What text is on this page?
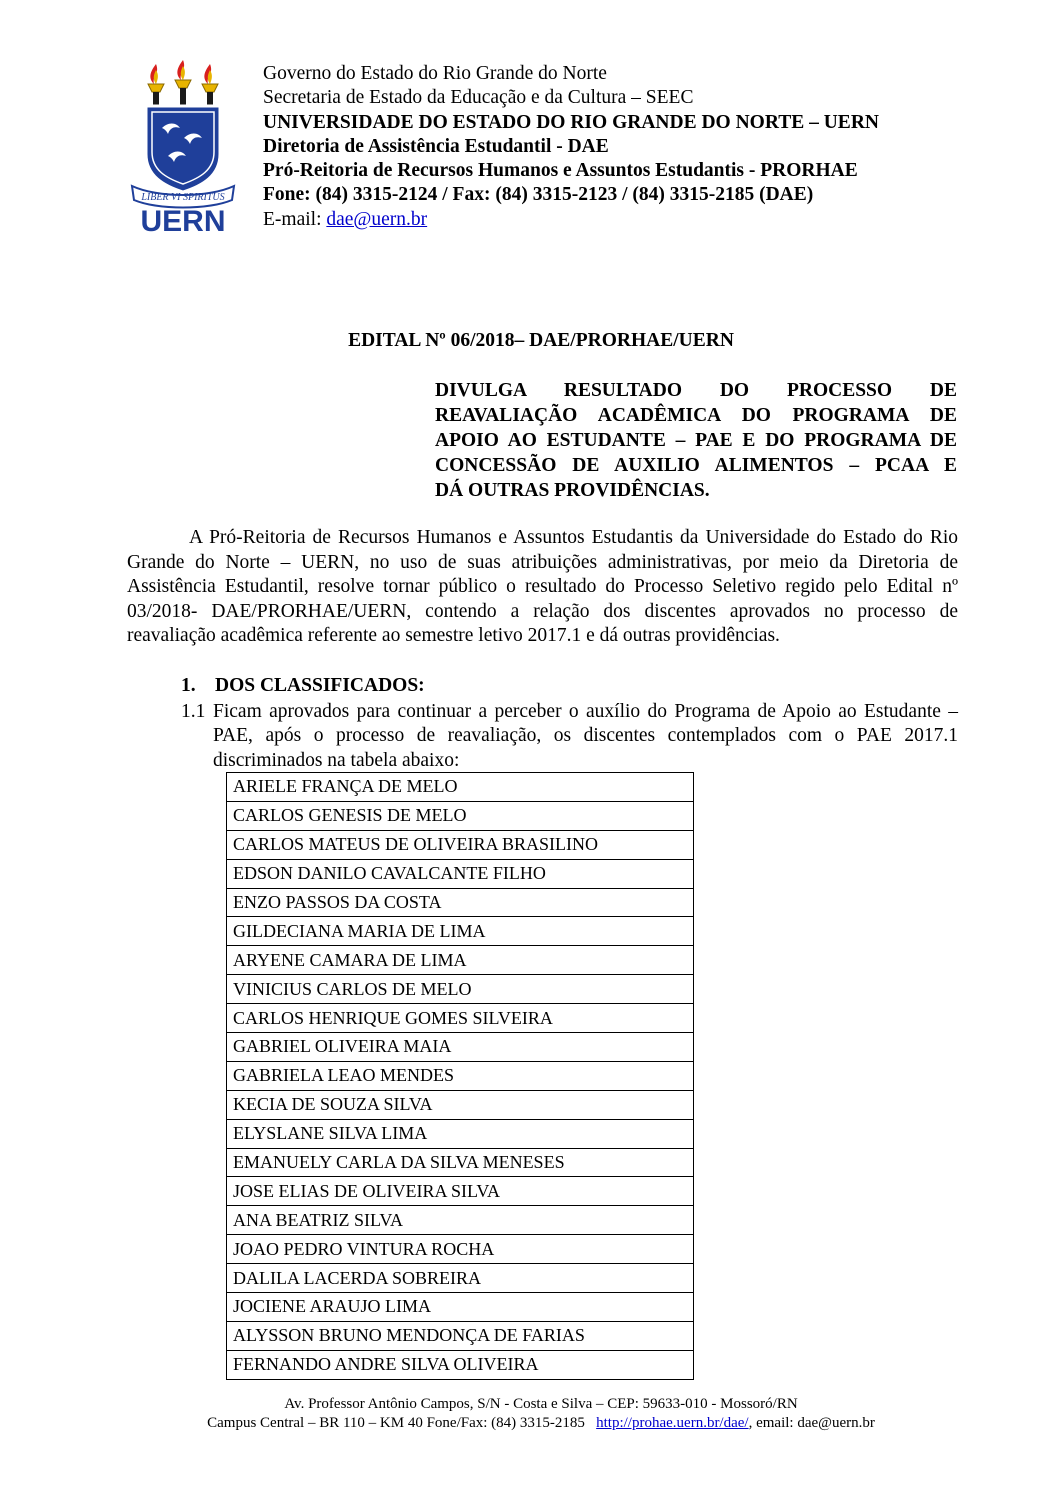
LIBER VI SPIRITUS
UERN
Governo do Estado do Rio Grande do Norte
Secretaria de Estado da Educação e da Cultura – SEEC
UNIVERSIDADE DO ESTADO DO RIO GRANDE DO NORTE – UERN
Diretoria de Assistência Estudantil - DAE
Pró-Reitoria de Recursos Humanos e Assuntos Estudantis - PRORHAE
Fone: (84) 3315-2124 / Fax: (84) 3315-2123 / (84) 3315-2185 (DAE)
E-mail: dae@uern.br
EDITAL Nº 06/2018– DAE/PRORHAE/UERN
DIVULGA RESULTADO DO PROCESSO DE
REAVALIAÇÃO ACADÊMICA DO PROGRAMA DE
APOIO AO ESTUDANTE – PAE E DO PROGRAMA DE
CONCESSÃO DE AUXILIO ALIMENTOS – PCAA E
DÁ OUTRAS PROVIDÊNCIAS.
A Pró-Reitoria de Recursos Humanos e Assuntos Estudantis da Universidade do Estado do Rio Grande do Norte – UERN, no uso de suas atribuições administrativas, por meio da Diretoria de Assistência Estudantil, resolve tornar público o resultado do Processo Seletivo regido pelo Edital nº 03/2018- DAE/PRORHAE/UERN, contendo a relação dos discentes aprovados no processo de reavaliação acadêmica referente ao semestre letivo 2017.1 e dá outras providências.
1. DOS CLASSIFICADOS:
1.1 Ficam aprovados para continuar a perceber o auxílio do Programa de Apoio ao Estudante – PAE, após o processo de reavaliação, os discentes contemplados com o PAE 2017.1 discriminados na tabela abaixo:
ARIELE FRANÇA DE MELO
CARLOS GENESIS DE MELO
CARLOS MATEUS DE OLIVEIRA BRASILINO
EDSON DANILO CAVALCANTE FILHO
ENZO PASSOS DA COSTA
GILDECIANA MARIA DE LIMA
ARYENE CAMARA DE LIMA
VINICIUS CARLOS DE MELO
CARLOS HENRIQUE GOMES SILVEIRA
GABRIEL OLIVEIRA MAIA
GABRIELA LEAO MENDES
KECIA DE SOUZA SILVA
ELYSLANE SILVA LIMA
EMANUELY CARLA DA SILVA MENESES
JOSE ELIAS DE OLIVEIRA SILVA
ANA BEATRIZ SILVA
JOAO PEDRO VINTURA ROCHA
DALILA LACERDA SOBREIRA
JOCIENE ARAUJO LIMA
ALYSSON BRUNO MENDONÇA DE FARIAS
FERNANDO ANDRE SILVA OLIVEIRA
Av. Professor Antônio Campos, S/N - Costa e Silva – CEP: 59633-010 - Mossoró/RN
Campus Central – BR 110 – KM 40 Fone/Fax: (84) 3315-2185 http://prohae.uern.br/dae/, email: dae@uern.br
